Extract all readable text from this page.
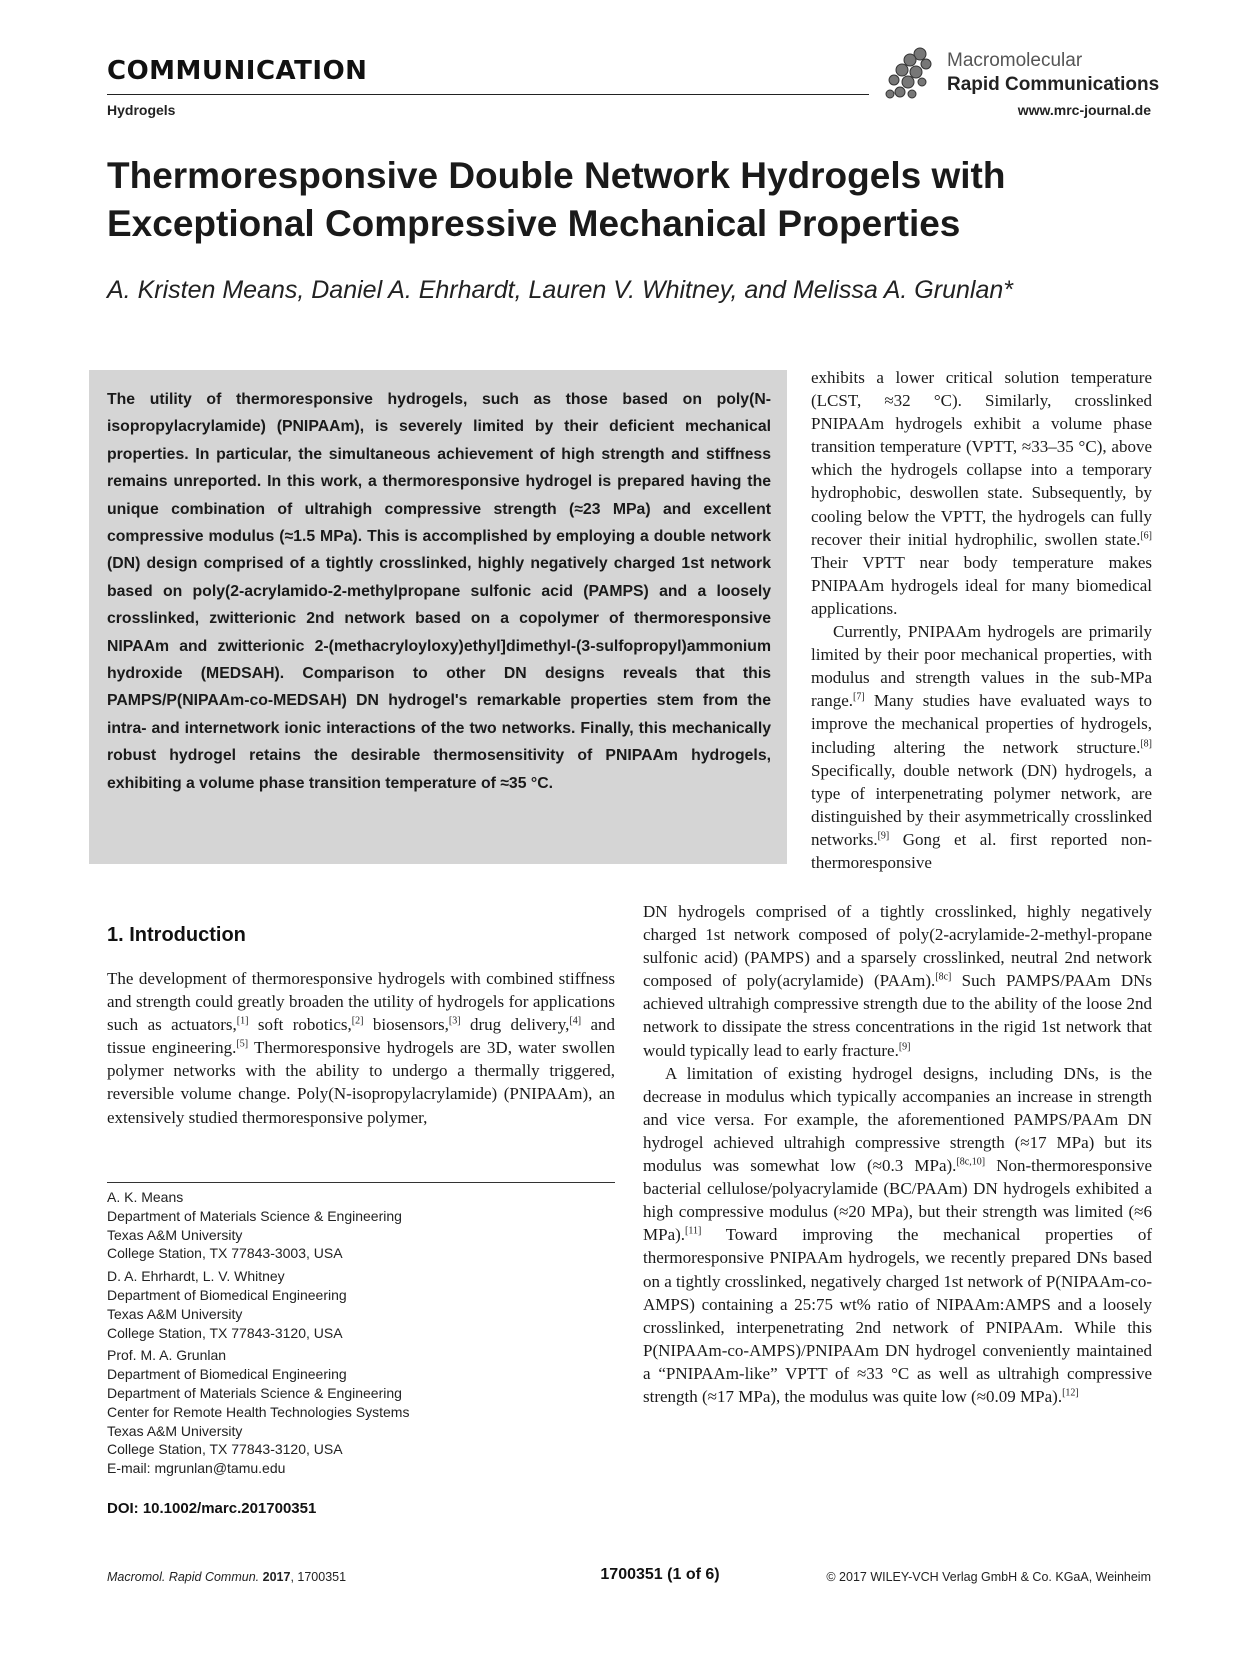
COMMUNICATION
Hydrogels
Macromolecular
Rapid Communications
www.mrc-journal.de
Thermoresponsive Double Network Hydrogels with
Exceptional Compressive Mechanical Properties
A. Kristen Means, Daniel A. Ehrhardt, Lauren V. Whitney, and Melissa A. Grunlan*
The utility of thermoresponsive hydrogels, such as those based on poly(N-isopropylacrylamide) (PNIPAAm), is severely limited by their deficient mechanical properties. In particular, the simultaneous achievement of high strength and stiffness remains unreported. In this work, a thermoresponsive hydrogel is prepared having the unique combination of ultrahigh compressive strength (≈23 MPa) and excellent compressive modulus (≈1.5 MPa). This is accomplished by employing a double network (DN) design comprised of a tightly crosslinked, highly negatively charged 1st network based on poly(2-acrylamido-2-methylpropane sulfonic acid (PAMPS) and a loosely crosslinked, zwitterionic 2nd network based on a copolymer of thermoresponsive NIPAAm and zwitterionic 2-(methacryloyloxy)ethyl]dimethyl-(3-sulfopropyl)ammonium hydroxide (MEDSAH). Comparison to other DN designs reveals that this PAMPS/P(NIPAAm-co-MEDSAH) DN hydrogel's remarkable properties stem from the intra- and internetwork ionic interactions of the two networks. Finally, this mechanically robust hydrogel retains the desirable thermosensitivity of PNIPAAm hydrogels, exhibiting a volume phase transition temperature of ≈35 °C.
exhibits a lower critical solution temperature (LCST, ≈32 °C). Similarly, crosslinked PNIPAAm hydrogels exhibit a volume phase transition temperature (VPTT, ≈33–35 °C), above which the hydrogels collapse into a temporary hydrophobic, deswollen state. Subsequently, by cooling below the VPTT, the hydrogels can fully recover their initial hydrophilic, swollen state.[6] Their VPTT near body temperature makes PNIPAAm hydrogels ideal for many biomedical applications.
Currently, PNIPAAm hydrogels are primarily limited by their poor mechanical properties, with modulus and strength values in the sub-MPa range.[7] Many studies have evaluated ways to improve the mechanical properties of hydrogels, including altering the network structure.[8] Specifically, double network (DN) hydrogels, a type of interpenetrating polymer network, are distinguished by their asymmetrically crosslinked networks.[9] Gong et al. first reported non-thermoresponsive
1. Introduction
The development of thermoresponsive hydrogels with combined stiffness and strength could greatly broaden the utility of hydrogels for applications such as actuators,[1] soft robotics,[2] biosensors,[3] drug delivery,[4] and tissue engineering.[5] Thermoresponsive hydrogels are 3D, water swollen polymer networks with the ability to undergo a thermally triggered, reversible volume change. Poly(N-isopropylacrylamide) (PNIPAAm), an extensively studied thermoresponsive polymer,
DN hydrogels comprised of a tightly crosslinked, highly negatively charged 1st network composed of poly(2-acrylamide-2-methyl-propane sulfonic acid) (PAMPS) and a sparsely crosslinked, neutral 2nd network composed of poly(acrylamide) (PAAm).[8c] Such PAMPS/PAAm DNs achieved ultrahigh compressive strength due to the ability of the loose 2nd network to dissipate the stress concentrations in the rigid 1st network that would typically lead to early fracture.[9]
A limitation of existing hydrogel designs, including DNs, is the decrease in modulus which typically accompanies an increase in strength and vice versa. For example, the aforementioned PAMPS/PAAm DN hydrogel achieved ultrahigh compressive strength (≈17 MPa) but its modulus was somewhat low (≈0.3 MPa).[8c,10] Non-thermoresponsive bacterial cellulose/polyacrylamide (BC/PAAm) DN hydrogels exhibited a high compressive modulus (≈20 MPa), but their strength was limited (≈6 MPa).[11] Toward improving the mechanical properties of thermoresponsive PNIPAAm hydrogels, we recently prepared DNs based on a tightly crosslinked, negatively charged 1st network of P(NIPAAm-co-AMPS) containing a 25:75 wt% ratio of NIPAAm:AMPS and a loosely crosslinked, interpenetrating 2nd network of PNIPAAm. While this P(NIPAAm-co-AMPS)/PNIPAAm DN hydrogel conveniently maintained a “PNIPAAm-like” VPTT of ≈33 °C as well as ultrahigh compressive strength (≈17 MPa), the modulus was quite low (≈0.09 MPa).[12]
A. K. Means
Department of Materials Science & Engineering
Texas A&M University
College Station, TX 77843-3003, USA
D. A. Ehrhardt, L. V. Whitney
Department of Biomedical Engineering
Texas A&M University
College Station, TX 77843-3120, USA
Prof. M. A. Grunlan
Department of Biomedical Engineering
Department of Materials Science & Engineering
Center for Remote Health Technologies Systems
Texas A&M University
College Station, TX 77843-3120, USA
E-mail: mgrunlan@tamu.edu
DOI: 10.1002/marc.201700351
Macromol. Rapid Commun. 2017, 1700351	1700351 (1 of 6)	© 2017 WILEY-VCH Verlag GmbH & Co. KGaA, Weinheim
